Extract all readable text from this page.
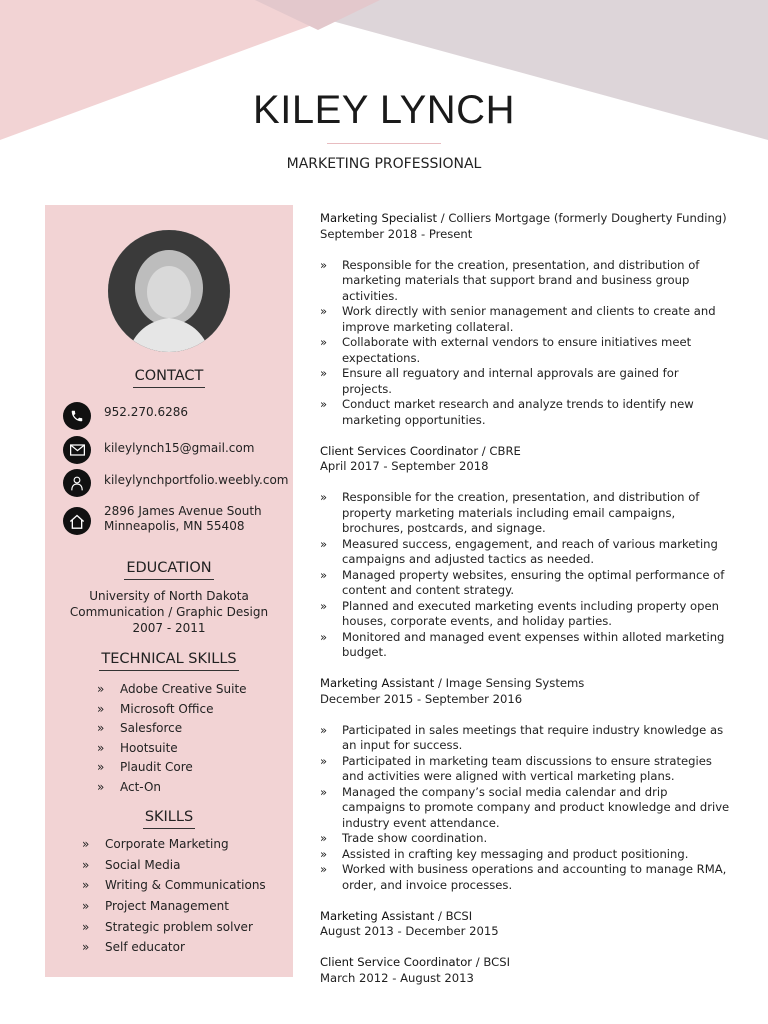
KILEY LYNCH
MARKETING PROFESSIONAL
CONTACT
952.270.6286
kileylynch15@gmail.com
kileylynchportfolio.weebly.com
2896 James Avenue South
Minneapolis, MN 55408
EDUCATION
University of North Dakota
Communication / Graphic Design
2007 - 2011
TECHNICAL SKILLS
» Adobe Creative Suite
» Microsoft Office
» Salesforce
» Hootsuite
» Plaudit Core
» Act-On
SKILLS
» Corporate Marketing
» Social Media
» Writing & Communications
» Project Management
» Strategic problem solver
» Self educator
Marketing Specialist / Colliers Mortgage (formerly Dougherty Funding)
September 2018 - Present
» Responsible for the creation, presentation, and distribution of marketing materials that support brand and business group activities.
» Work directly with senior management and clients to create and improve marketing collateral.
» Collaborate with external vendors to ensure initiatives meet expectations.
» Ensure all reguatory and internal approvals are gained for projects.
» Conduct market research and analyze trends to identify new marketing opportunities.
Client Services Coordinator / CBRE
April 2017 - September 2018
» Responsible for the creation, presentation, and distribution of property marketing materials including email campaigns, brochures, postcards, and signage.
» Measured success, engagement, and reach of various marketing campaigns and adjusted tactics as needed.
» Managed property websites, ensuring the optimal performance of content and content strategy.
» Planned and executed marketing events including property open houses, corporate events, and holiday parties.
» Monitored and managed event expenses within alloted marketing budget.
Marketing Assistant / Image Sensing Systems
December 2015 - September 2016
» Participated in sales meetings that require industry knowledge as an input for success.
» Participated in marketing team discussions to ensure strategies and activities were aligned with vertical marketing plans.
» Managed the company’s social media calendar and drip campaigns to promote company and product knowledge and drive industry event attendance.
» Trade show coordination.
» Assisted in crafting key messaging and product positioning.
» Worked with business operations and accounting to manage RMA, order, and invoice processes.
Marketing Assistant / BCSI
August 2013 - December 2015
Client Service Coordinator / BCSI
March 2012 - August 2013
